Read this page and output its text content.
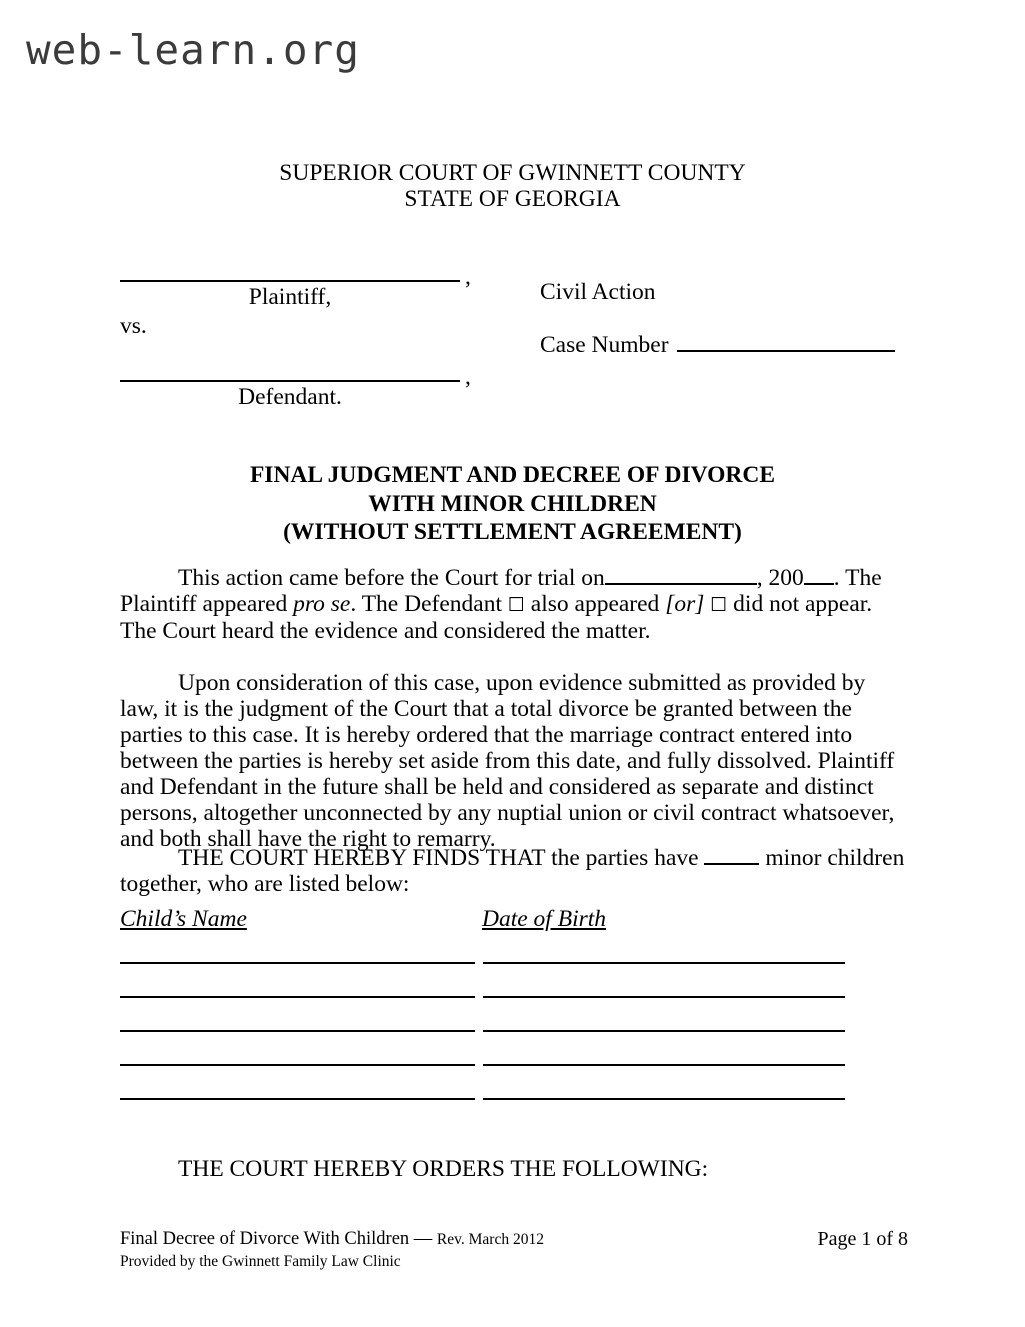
web-learn.org
SUPERIOR COURT OF GWINNETT COUNTY
STATE OF GEORGIA
,
Plaintiff,
vs.
,
Defendant.
Civil Action
Case Number
FINAL JUDGMENT AND DECREE OF DIVORCE
WITH MINOR CHILDREN
(WITHOUT SETTLEMENT AGREEMENT)
This action came before the Court for trial on	, 200 . The Plaintiff appeared pro se. The Defendant ☐ also appeared [or] ☐ did not appear. The Court heard the evidence and considered the matter.
Upon consideration of this case, upon evidence submitted as provided by law, it is the judgment of the Court that a total divorce be granted between the parties to this case. It is hereby ordered that the marriage contract entered into between the parties is hereby set aside from this date, and fully dissolved. Plaintiff and Defendant in the future shall be held and considered as separate and distinct persons, altogether unconnected by any nuptial union or civil contract whatsoever, and both shall have the right to remarry.
THE COURT HEREBY FINDS THAT the parties have	minor children together, who are listed below:
Child’s Name	Date of Birth
THE COURT HEREBY ORDERS THE FOLLOWING:
Final Decree of Divorce With Children — Rev. March 2012
Provided by the Gwinnett Family Law Clinic
Page 1 of 8
